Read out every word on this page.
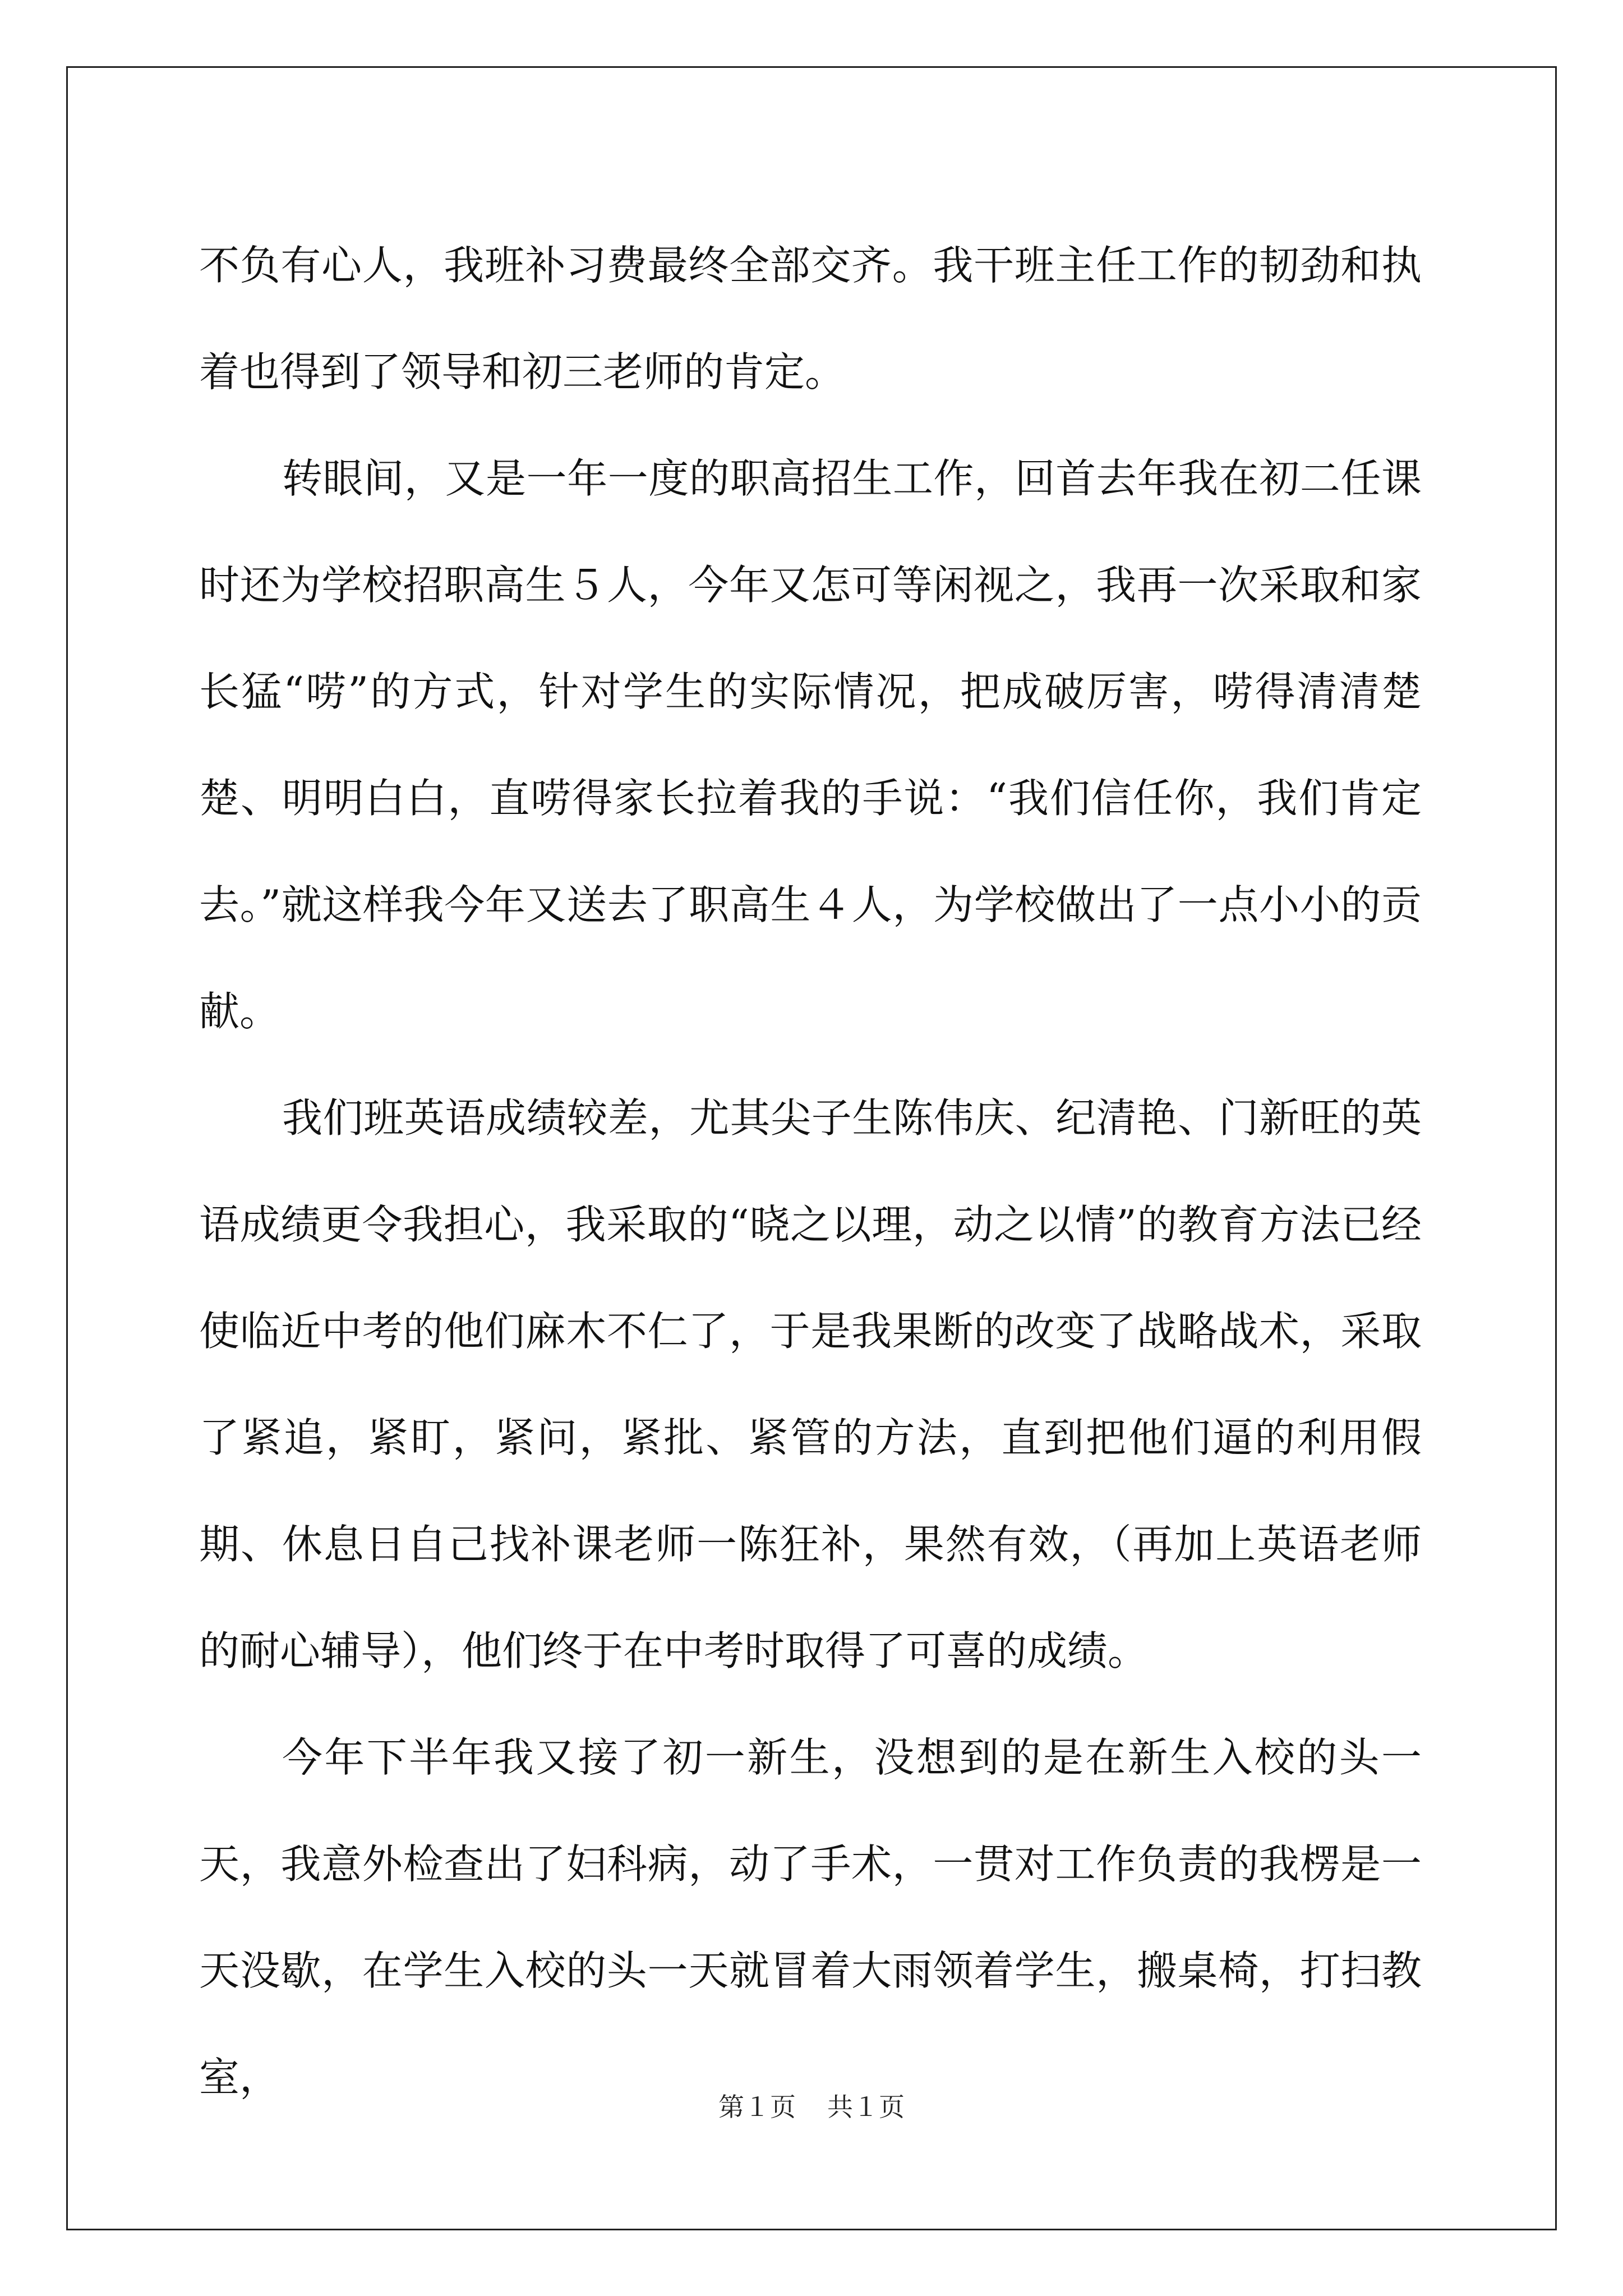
不负有心人，我班补习费最终全部交齐。我干班主任工作的韧劲和执着也得到了领导和初三老师的肯定。

转眼间，又是一年一度的职高招生工作，回首去年我在初二任课时还为学校招职高生５人，今年又怎可等闲视之，我再一次采取和家长猛“唠”的方式，针对学生的实际情况，把成破厉害，唠得清清楚楚、明明白白，直唠得家长拉着我的手说：“我们信任你，我们肯定去。”就这样我今年又送去了职高生４人，为学校做出了一点小小的贡献。

我们班英语成绩较差，尤其尖子生陈伟庆、纪清艳、门新旺的英语成绩更令我担心，我采取的“晓之以理，动之以情”的教育方法已经使临近中考的他们麻木不仁了，于是我果断的改变了战略战术，采取了紧追，紧盯，紧问，紧批、紧管的方法，直到把他们逼的利用假期、休息日自己找补课老师一陈狂补，果然有效，（再加上英语老师的耐心辅导），他们终于在中考时取得了可喜的成绩。

今年下半年我又接了初一新生，没想到的是在新生入校的头一天，我意外检查出了妇科病，动了手术，一贯对工作负责的我楞是一天没歇，在学生入校的头一天就冒着大雨领着学生，搬桌椅，打扫教室，

第１页 共１页
